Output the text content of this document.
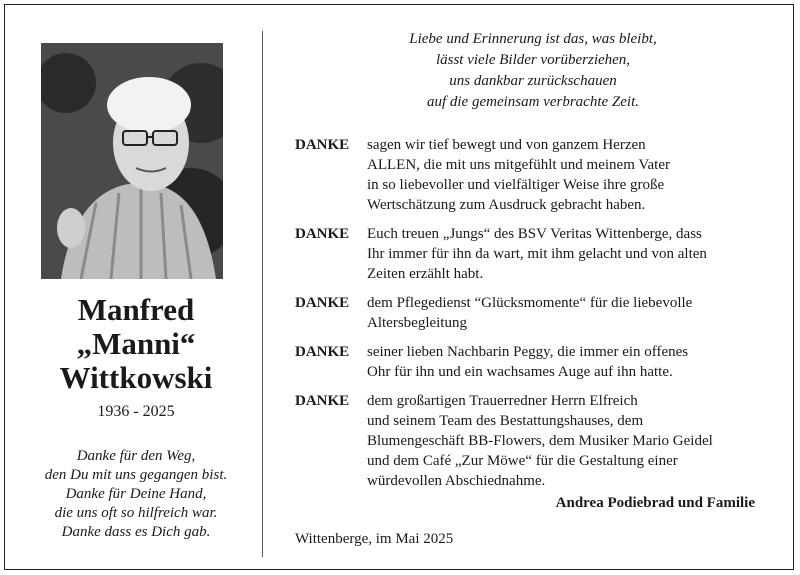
Manfred
„Manni“
Wittkowski
1936 - 2025
Danke für den Weg,
den Du mit uns gegangen bist.
Danke für Deine Hand,
die uns oft so hilfreich war.
Danke dass es Dich gab.
Liebe und Erinnerung ist das, was bleibt,
lässt viele Bilder vorüberziehen,
uns dankbar zurückschauen
auf die gemeinsam verbrachte Zeit.
DANKE	sagen wir tief bewegt und von ganzem Herzen
ALLEN, die mit uns mitgefühlt und meinem Vater
in so liebevoller und vielfältiger Weise ihre große
Wertschätzung zum Ausdruck gebracht haben.
DANKE	Euch treuen „Jungs“ des BSV Veritas Wittenberge, dass
Ihr immer für ihn da wart, mit ihm gelacht und von alten
Zeiten erzählt habt.
DANKE	dem Pflegedienst “Glücksmomente“ für die liebevolle
Altersbegleitung
DANKE	seiner lieben Nachbarin Peggy, die immer ein offenes
Ohr für ihn und ein wachsames Auge auf ihn hatte.
DANKE	dem großartigen Trauerredner Herrn Elfreich
und seinem Team des Bestattungshauses, dem
Blumengeschäft BB-Flowers, dem Musiker Mario Geidel
und dem Café „Zur Möwe“ für die Gestaltung einer
würdevollen Abschiednahme.
Andrea Podiebrad und Familie
Wittenberge, im Mai 2025
